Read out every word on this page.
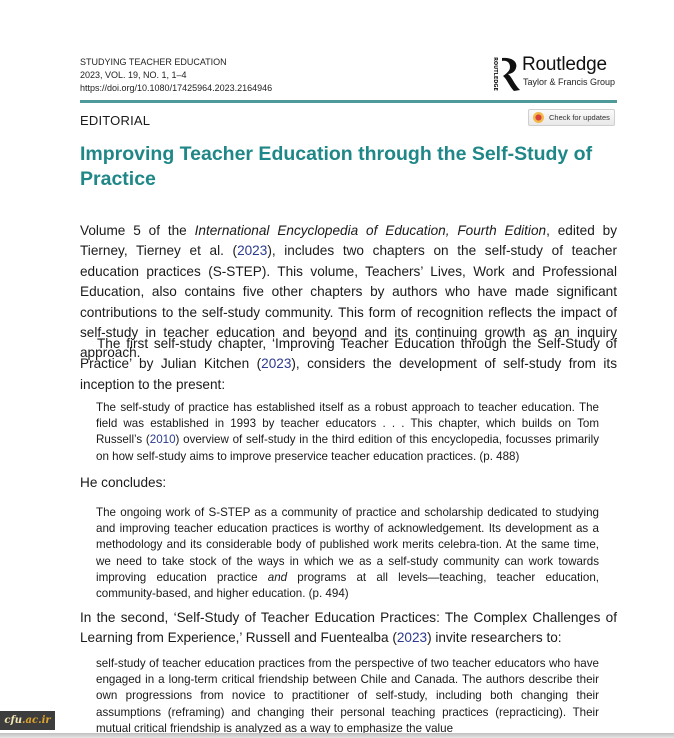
STUDYING TEACHER EDUCATION
2023, VOL. 19, NO. 1, 1–4
https://doi.org/10.1080/17425964.2023.2164946	ROUTLEDGE Routledge
Taylor & Francis Group
EDITORIAL	Check for updates
Improving Teacher Education through the Self-Study of Practice

Volume 5 of the International Encyclopedia of Education, Fourth Edition, edited by Tierney, Tierney et al. (2023), includes two chapters on the self-study of teacher education practices (S-STEP). This volume, Teachers’ Lives, Work and Professional Education, also contains five other chapters by authors who have made significant contributions to the self-study community. This form of recognition reflects the impact of self-study in teacher education and beyond and its continuing growth as an inquiry approach.

The first self-study chapter, ‘Improving Teacher Education through the Self-Study of Practice’ by Julian Kitchen (2023), considers the development of self-study from its inception to the present:

The self-study of practice has established itself as a robust approach to teacher education. The field was established in 1993 by teacher educators . . . This chapter, which builds on Tom Russell’s (2010) overview of self-study in the third edition of this encyclopedia, focusses primarily on how self-study aims to improve preservice teacher education practices. (p. 488)

He concludes:

The ongoing work of S-STEP as a community of practice and scholarship dedicated to studying and improving teacher education practices is worthy of acknowledgement. Its development as a methodology and its considerable body of published work merits celebra-tion. At the same time, we need to take stock of the ways in which we as a self-study community can work towards improving education practice and programs at all levels—teaching, teacher education, community-based, and higher education. (p. 494)

In the second, ‘Self-Study of Teacher Education Practices: The Complex Challenges of Learning from Experience,’ Russell and Fuentealba (2023) invite researchers to:

self-study of teacher education practices from the perspective of two teacher educators who have engaged in a long-term critical friendship between Chile and Canada. The authors describe their own progressions from novice to practitioner of self-study, including both changing their assumptions (reframing) and changing their personal teaching practices (repracticing). Their mutual critical friendship is analyzed as a way to emphasize the value

cfu .ac.ir
